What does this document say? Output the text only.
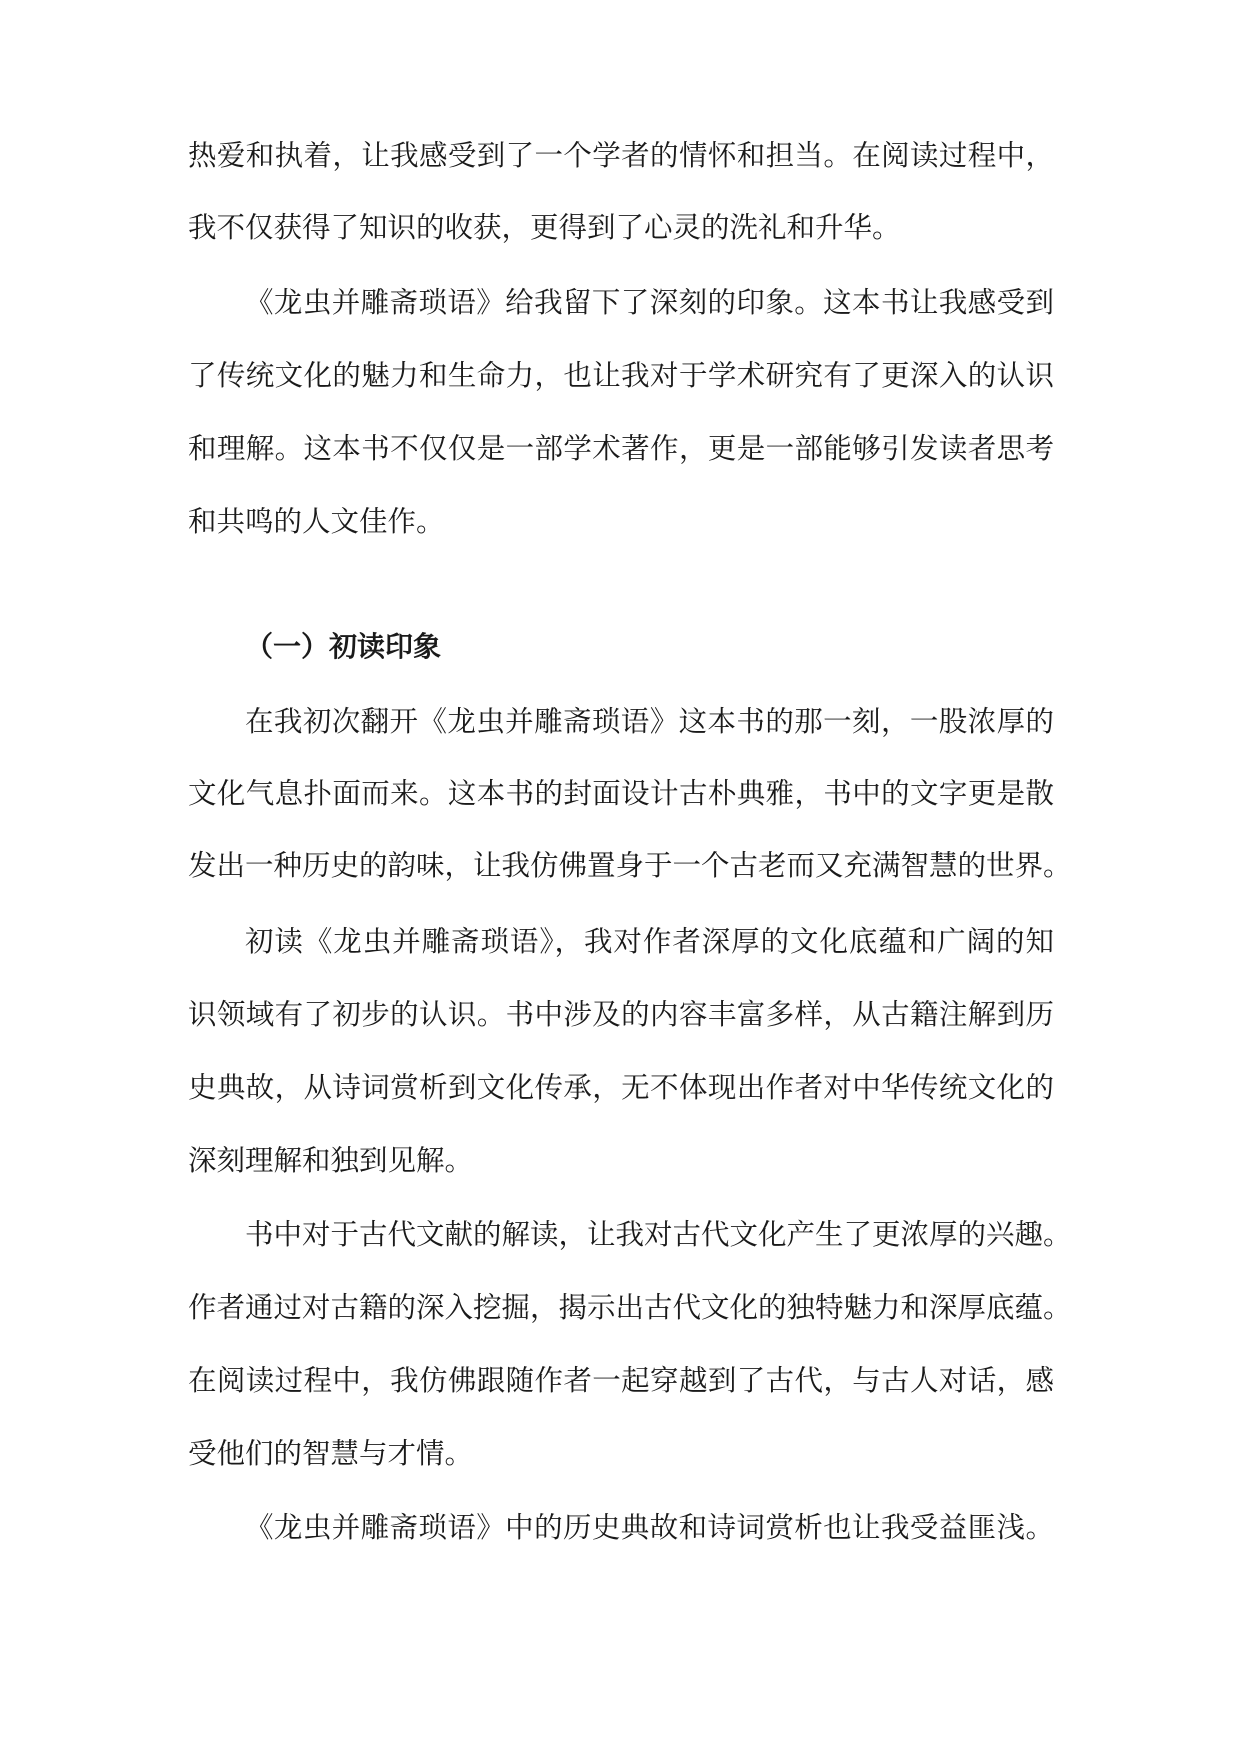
热爱和执着，让我感受到了一个学者的情怀和担当。在阅读过程中，
我不仅获得了知识的收获，更得到了心灵的洗礼和升华。
《龙虫并雕斋琐语》给我留下了深刻的印象。这本书让我感受到
了传统文化的魅力和生命力，也让我对于学术研究有了更深入的认识
和理解。这本书不仅仅是一部学术著作，更是一部能够引发读者思考
和共鸣的人文佳作。
（一）初读印象
在我初次翻开《龙虫并雕斋琐语》这本书的那一刻，一股浓厚的
文化气息扑面而来。这本书的封面设计古朴典雅，书中的文字更是散
发出一种历史的韵味，让我仿佛置身于一个古老而又充满智慧的世界。
初读《龙虫并雕斋琐语》，我对作者深厚的文化底蕴和广阔的知
识领域有了初步的认识。书中涉及的内容丰富多样，从古籍注解到历
史典故，从诗词赏析到文化传承，无不体现出作者对中华传统文化的
深刻理解和独到见解。
书中对于古代文献的解读，让我对古代文化产生了更浓厚的兴趣。
作者通过对古籍的深入挖掘，揭示出古代文化的独特魅力和深厚底蕴。
在阅读过程中，我仿佛跟随作者一起穿越到了古代，与古人对话，感
受他们的智慧与才情。
《龙虫并雕斋琐语》中的历史典故和诗词赏析也让我受益匪浅。
